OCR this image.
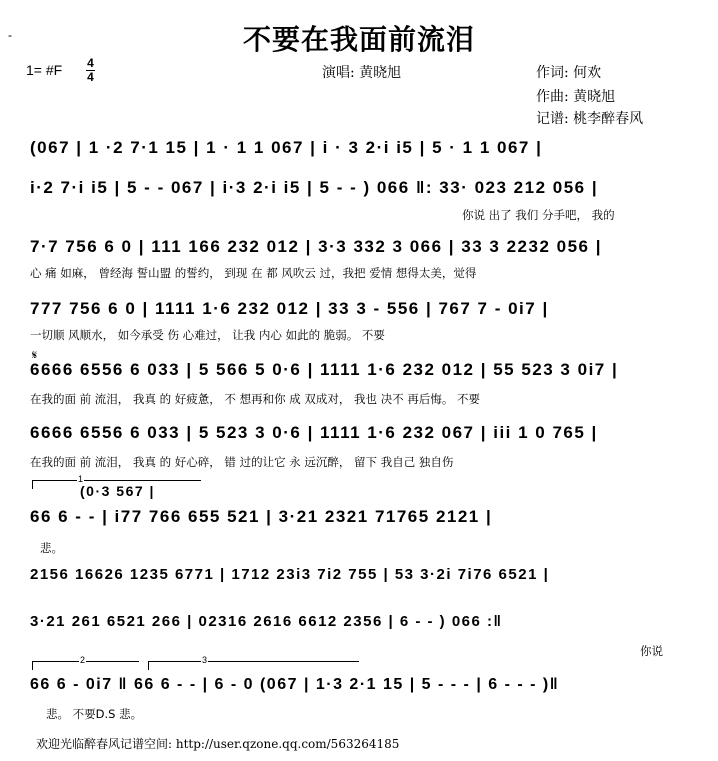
不要在我面前流泪
-
1= #F 4
4	演唱: 黄晓旭	作词: 何欢
作曲: 黄晓旭
记谱: 桃李醉春风
(067 | 1 ·2 7·1 15 | 1 · 1 1 067 | i · 3 2·i i5 | 5 · 1 1 067 |
i·2 7·i i5 | 5 - - 067 | i·3 2·i i5 | 5 - - ) 066 ‖: 33· 023 212 056 |
你说 出了 我们 分手吧， 我的
7·7 756 6 0 | 111 166 232 012 | 3·3 332 3 066 | 33 3 2232 056 |
心 痛 如麻， 曾经海 誓山盟 的誓约， 到现 在 都 风吹云 过，我把 爱情 想得太美，觉得
777 756 6 0 | 1111 1·6 232 012 | 33 3 - 556 | 767 7 - 0i7 |
一切顺 风顺水， 如今承受 伤 心难过， 让我 内心 如此的 脆弱。 不要
𝄋
6666 6556 6 033 | 5 566 5 0·6 | 1111 1·6 232 012 | 55 523 3 0i7 |
在我的面 前 流泪， 我真 的 好疲惫， 不 想再和你 成 双成对， 我也 决不 再后悔。 不要
6666 6556 6 033 | 5 523 3 0·6 | 1111 1·6 232 067 | iii 1 0 765 |
在我的面 前 流泪， 我真 的 好心碎， 错 过的让它 永 远沉醉， 留下 我自己 独自伤
1
(0·3 567 |
66 6 - - | i77 766 655 521 | 3·21 2321 71765 2121 |
悲。
2156 16626 1235 6771 | 1712 23i3 7i2 755 | 53 3·2i 7i76 6521 |
3·21 261 6521 266 | 02316 2616 6612 2356 | 6 - - ) 066 :‖
你说
2	3
66 6 - 0i7 ‖ 66 6 - - | 6 - 0 (067 | 1·3 2·1 15 | 5 - - - | 6 - - - )‖
悲。 不要D.S 悲。
欢迎光临醉春风记谱空间: http://user.qzone.qq.com/563264185
